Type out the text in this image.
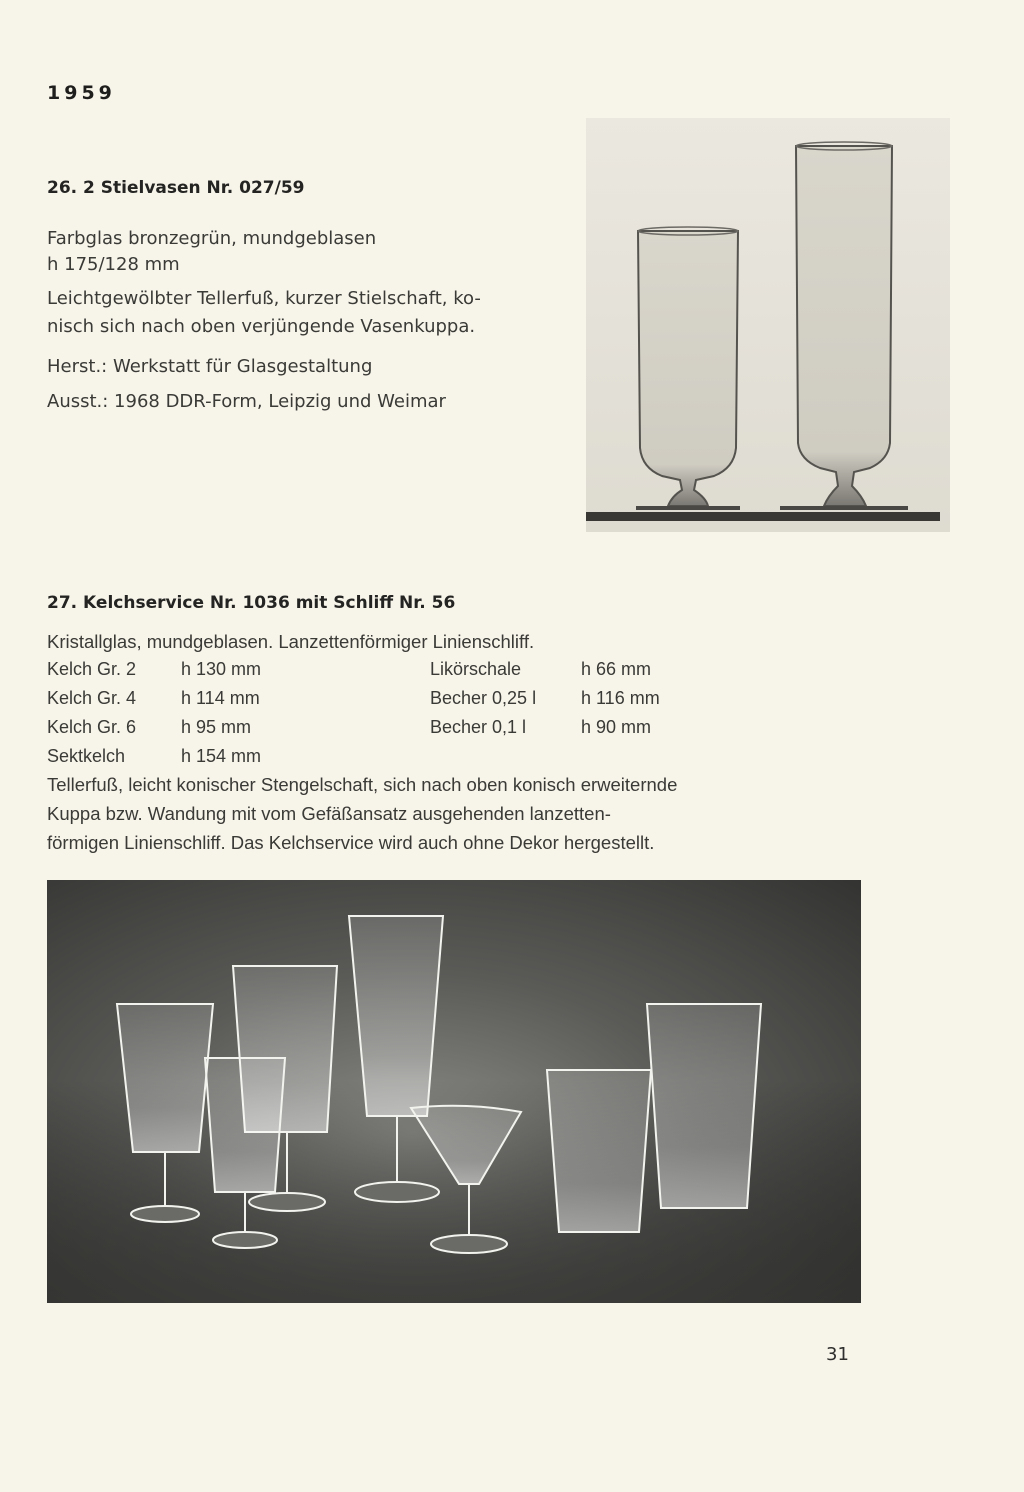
1959
26. 2 Stielvasen Nr. 027/59
Farbglas bronzegrün, mundgeblasen
h 175/128 mm
Leichtgewölbter Tellerfuß, kurzer Stielschaft, ko-
nisch sich nach oben verjüngende Vasenkuppa.
Herst.: Werkstatt für Glasgestaltung
Ausst.: 1968 DDR-Form, Leipzig und Weimar
27. Kelchservice Nr. 1036 mit Schliff Nr. 56
Kristallglas, mundgeblasen. Lanzettenförmiger Linienschliff.
Kelch Gr. 2 h 130 mm	Likörschale	h 66 mm
Kelch Gr. 4 h 114 mm	Becher 0,25 l h 116 mm
Kelch Gr. 6 h 95 mm	Becher 0,1 l	h 90 mm
Sektkelch	h 154 mm
Tellerfuß, leicht konischer Stengelschaft, sich nach oben konisch erweiternde
Kuppa bzw. Wandung mit vom Gefäßansatz ausgehenden lanzetten-
förmigen Linienschliff. Das Kelchservice wird auch ohne Dekor hergestellt.
31
